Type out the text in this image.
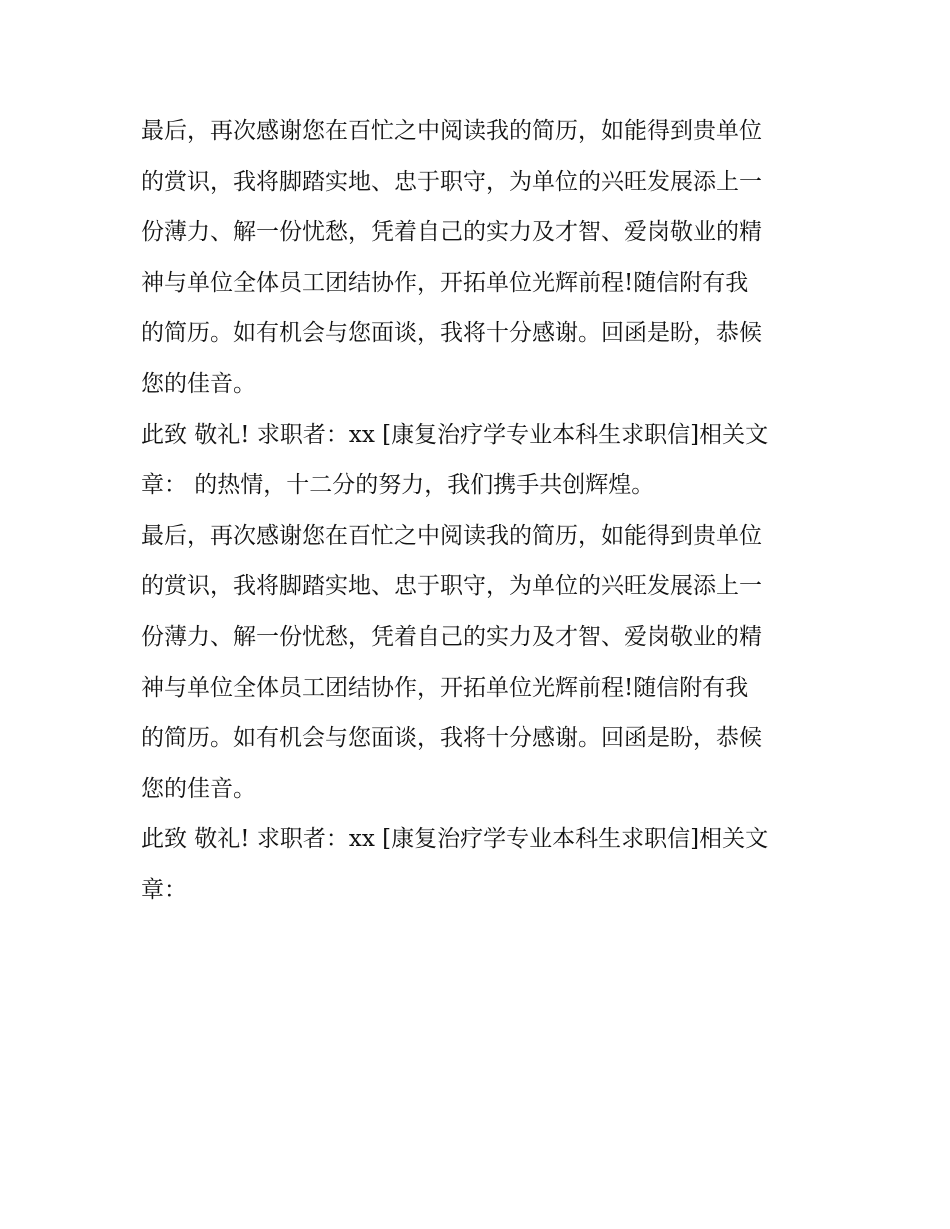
最后，再次感谢您在百忙之中阅读我的简历，如能得到贵单位
的赏识，我将脚踏实地、忠于职守，为单位的兴旺发展添上一
份薄力、解一份忧愁，凭着自己的实力及才智、爱岗敬业的精
神与单位全体员工团结协作，开拓单位光辉前程!随信附有我
的简历。如有机会与您面谈，我将十分感谢。回函是盼，恭候
您的佳音。
此致 敬礼! 求职者：xx [康复治疗学专业本科生求职信]相关文
章： 的热情，十二分的努力，我们携手共创辉煌。
最后，再次感谢您在百忙之中阅读我的简历，如能得到贵单位
的赏识，我将脚踏实地、忠于职守，为单位的兴旺发展添上一
份薄力、解一份忧愁，凭着自己的实力及才智、爱岗敬业的精
神与单位全体员工团结协作，开拓单位光辉前程!随信附有我
的简历。如有机会与您面谈，我将十分感谢。回函是盼，恭候
您的佳音。
此致 敬礼! 求职者：xx [康复治疗学专业本科生求职信]相关文
章：
